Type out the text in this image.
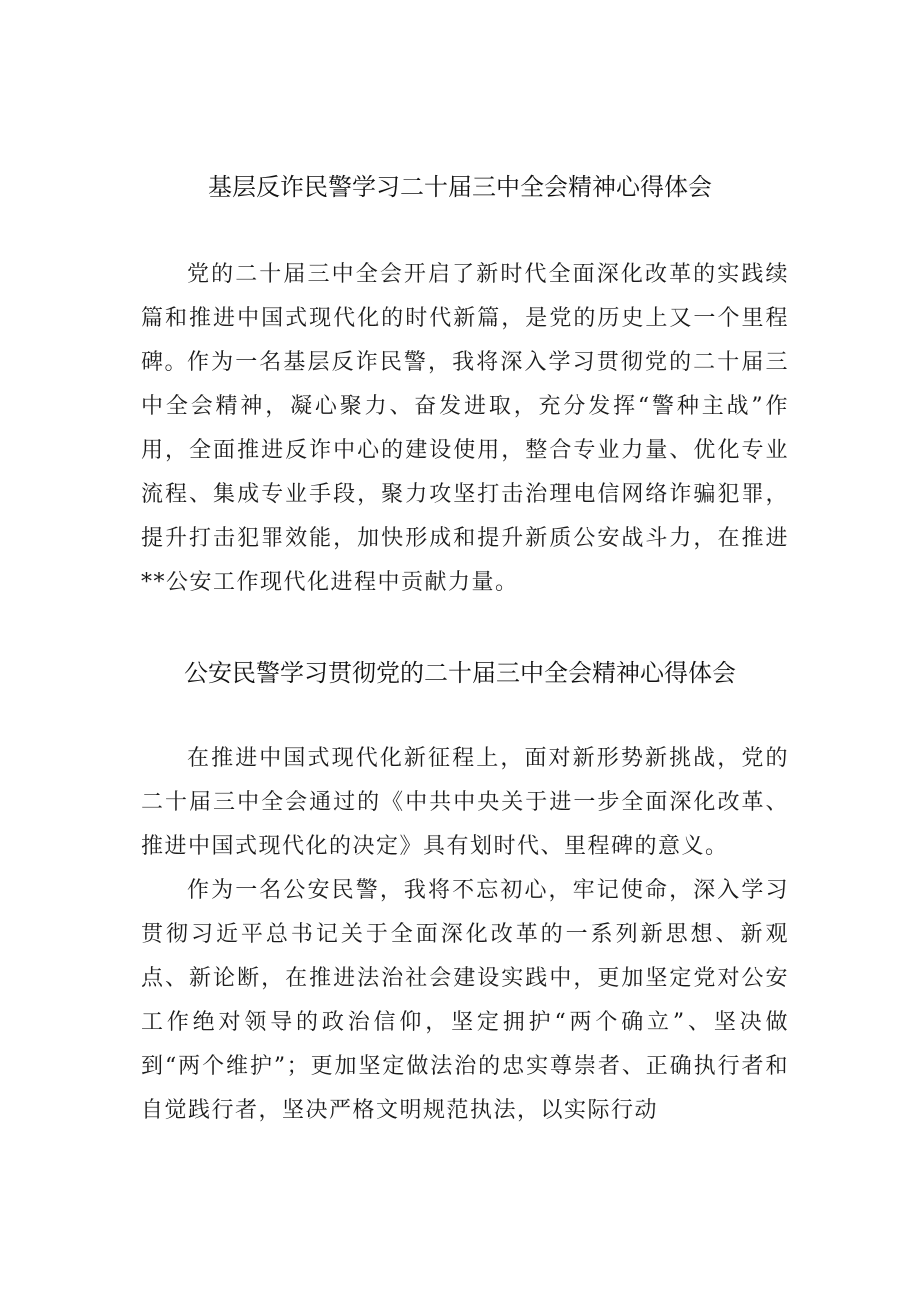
基层反诈民警学习二十届三中全会精神心得体会

党的二十届三中全会开启了新时代全面深化改革的实践续篇和推进中国式现代化的时代新篇，是党的历史上又一个里程碑。

作为一名基层反诈民警，我将深入学习贯彻党的二十届三中全会精神，凝心聚力、奋发进取，充分发挥“警种主战”作用，全面推进反诈中心的建设使用，整合专业力量、优化专业流程、集成专业手段，聚力攻坚打击治理电信网络诈骗犯罪，提升打击犯罪效能，加快形成和提升新质公安战斗力，在推进**公安工作现代化进程中贡献力量。

公安民警学习贯彻党的二十届三中全会精神心得体会

在推进中国式现代化新征程上，面对新形势新挑战，党的二十届三中全会通过的《中共中央关于进一步全面深化改革、推进中国式现代化的决定》具有划时代、里程碑的意义。

作为一名公安民警，我将不忘初心，牢记使命，深入学习贯彻习近平总书记关于全面深化改革的一系列新思想、新观点、新论断，在推进法治社会建设实践中，更加坚定党对公安工作绝对领导的政治信仰，坚定拥护“两个确立”、坚决做到“两个维护”；更加坚定做法治的忠实尊崇者、正确执行者和自觉践行者，坚决严格文明规范执法，以实际行动
